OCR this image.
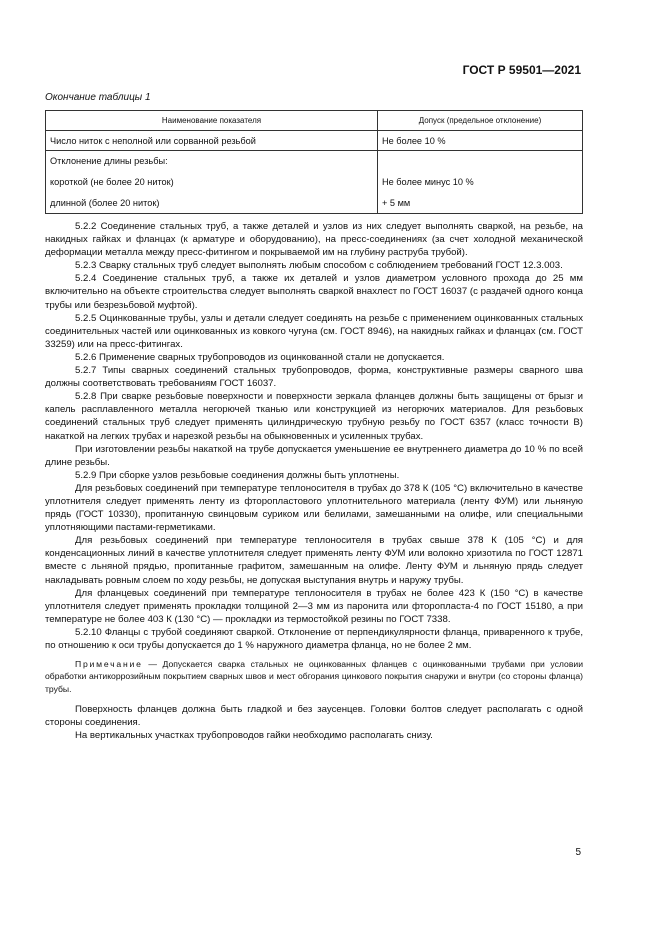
ГОСТ Р 59501—2021
Окончание таблицы 1
Наименование показателя	Допуск (предельное отклонение)
Число ниток с неполной или сорванной резьбой	Не более 10 %
Отклонение длины резьбы:	
короткой (не более 20 ниток)	Не более минус 10 %
длинной (более 20 ниток)	+ 5 мм

5.2.2 Соединение стальных труб, а также деталей и узлов из них следует выполнять сваркой, на резьбе, на накидных гайках и фланцах (к арматуре и оборудованию), на пресс-соединениях (за счет холодной механической деформации металла между пресс-фитингом и покрываемой им на глубину раструба трубой).

5.2.3 Сварку стальных труб следует выполнять любым способом с соблюдением требований ГОСТ 12.3.003.

5.2.4 Соединение стальных труб, а также их деталей и узлов диаметром условного прохода до 25 мм включительно на объекте строительства следует выполнять сваркой внахлест по ГОСТ 16037 (с раздачей одного конца трубы или безрезьбовой муфтой).

5.2.5 Оцинкованные трубы, узлы и детали следует соединять на резьбе с применением оцинкованных стальных соединительных частей или оцинкованных из ковкого чугуна (см. ГОСТ 8946), на накидных гайках и фланцах (см. ГОСТ 33259) или на пресс-фитингах.

5.2.6 Применение сварных трубопроводов из оцинкованной стали не допускается.

5.2.7 Типы сварных соединений стальных трубопроводов, форма, конструктивные размеры сварного шва должны соответствовать требованиям ГОСТ 16037.

5.2.8 При сварке резьбовые поверхности и поверхности зеркала фланцев должны быть защищены от брызг и капель расплавленного металла негорючей тканью или конструкцией из негорючих материалов. Для резьбовых соединений стальных труб следует применять цилиндрическую трубную резьбу по ГОСТ 6357 (класс точности В) накаткой на легких трубах и нарезкой резьбы на обыкновенных и усиленных трубах.

При изготовлении резьбы накаткой на трубе допускается уменьшение ее внутреннего диаметра до 10 % по всей длине резьбы.

5.2.9 При сборке узлов резьбовые соединения должны быть уплотнены.

Для резьбовых соединений при температуре теплоносителя в трубах до 378 К (105 °C) включительно в качестве уплотнителя следует применять ленту из фторопластового уплотнительного материала (ленту ФУМ) или льняную прядь (ГОСТ 10330), пропитанную свинцовым суриком или белилами, замешанными на олифе, или специальными уплотняющими пастами-герметиками.

Для резьбовых соединений при температуре теплоносителя в трубах свыше 378 К (105 °C) и для конденсационных линий в качестве уплотнителя следует применять ленту ФУМ или волокно хризотила по ГОСТ 12871 вместе с льняной прядью, пропитанные графитом, замешанным на олифе. Ленту ФУМ и льняную прядь следует накладывать ровным слоем по ходу резьбы, не допуская выступания внутрь и наружу трубы.

Для фланцевых соединений при температуре теплоносителя в трубах не более 423 К (150 °C) в качестве уплотнителя следует применять прокладки толщиной 2—3 мм из паронита или фторопласта-4 по ГОСТ 15180, а при температуре не более 403 К (130 °C) — прокладки из термостойкой резины по ГОСТ 7338.

5.2.10 Фланцы с трубой соединяют сваркой. Отклонение от перпендикулярности фланца, приваренного к трубе, по отношению к оси трубы допускается до 1 % наружного диаметра фланца, но не более 2 мм.

Примечание — Допускается сварка стальных не оцинкованных фланцев с оцинкованными трубами при условии обработки антикоррозийным покрытием сварных швов и мест обгорания цинкового покрытия снаружи и внутри (со стороны фланца) трубы.

Поверхность фланцев должна быть гладкой и без заусенцев. Головки болтов следует располагать с одной стороны соединения.

На вертикальных участках трубопроводов гайки необходимо располагать снизу.

5
